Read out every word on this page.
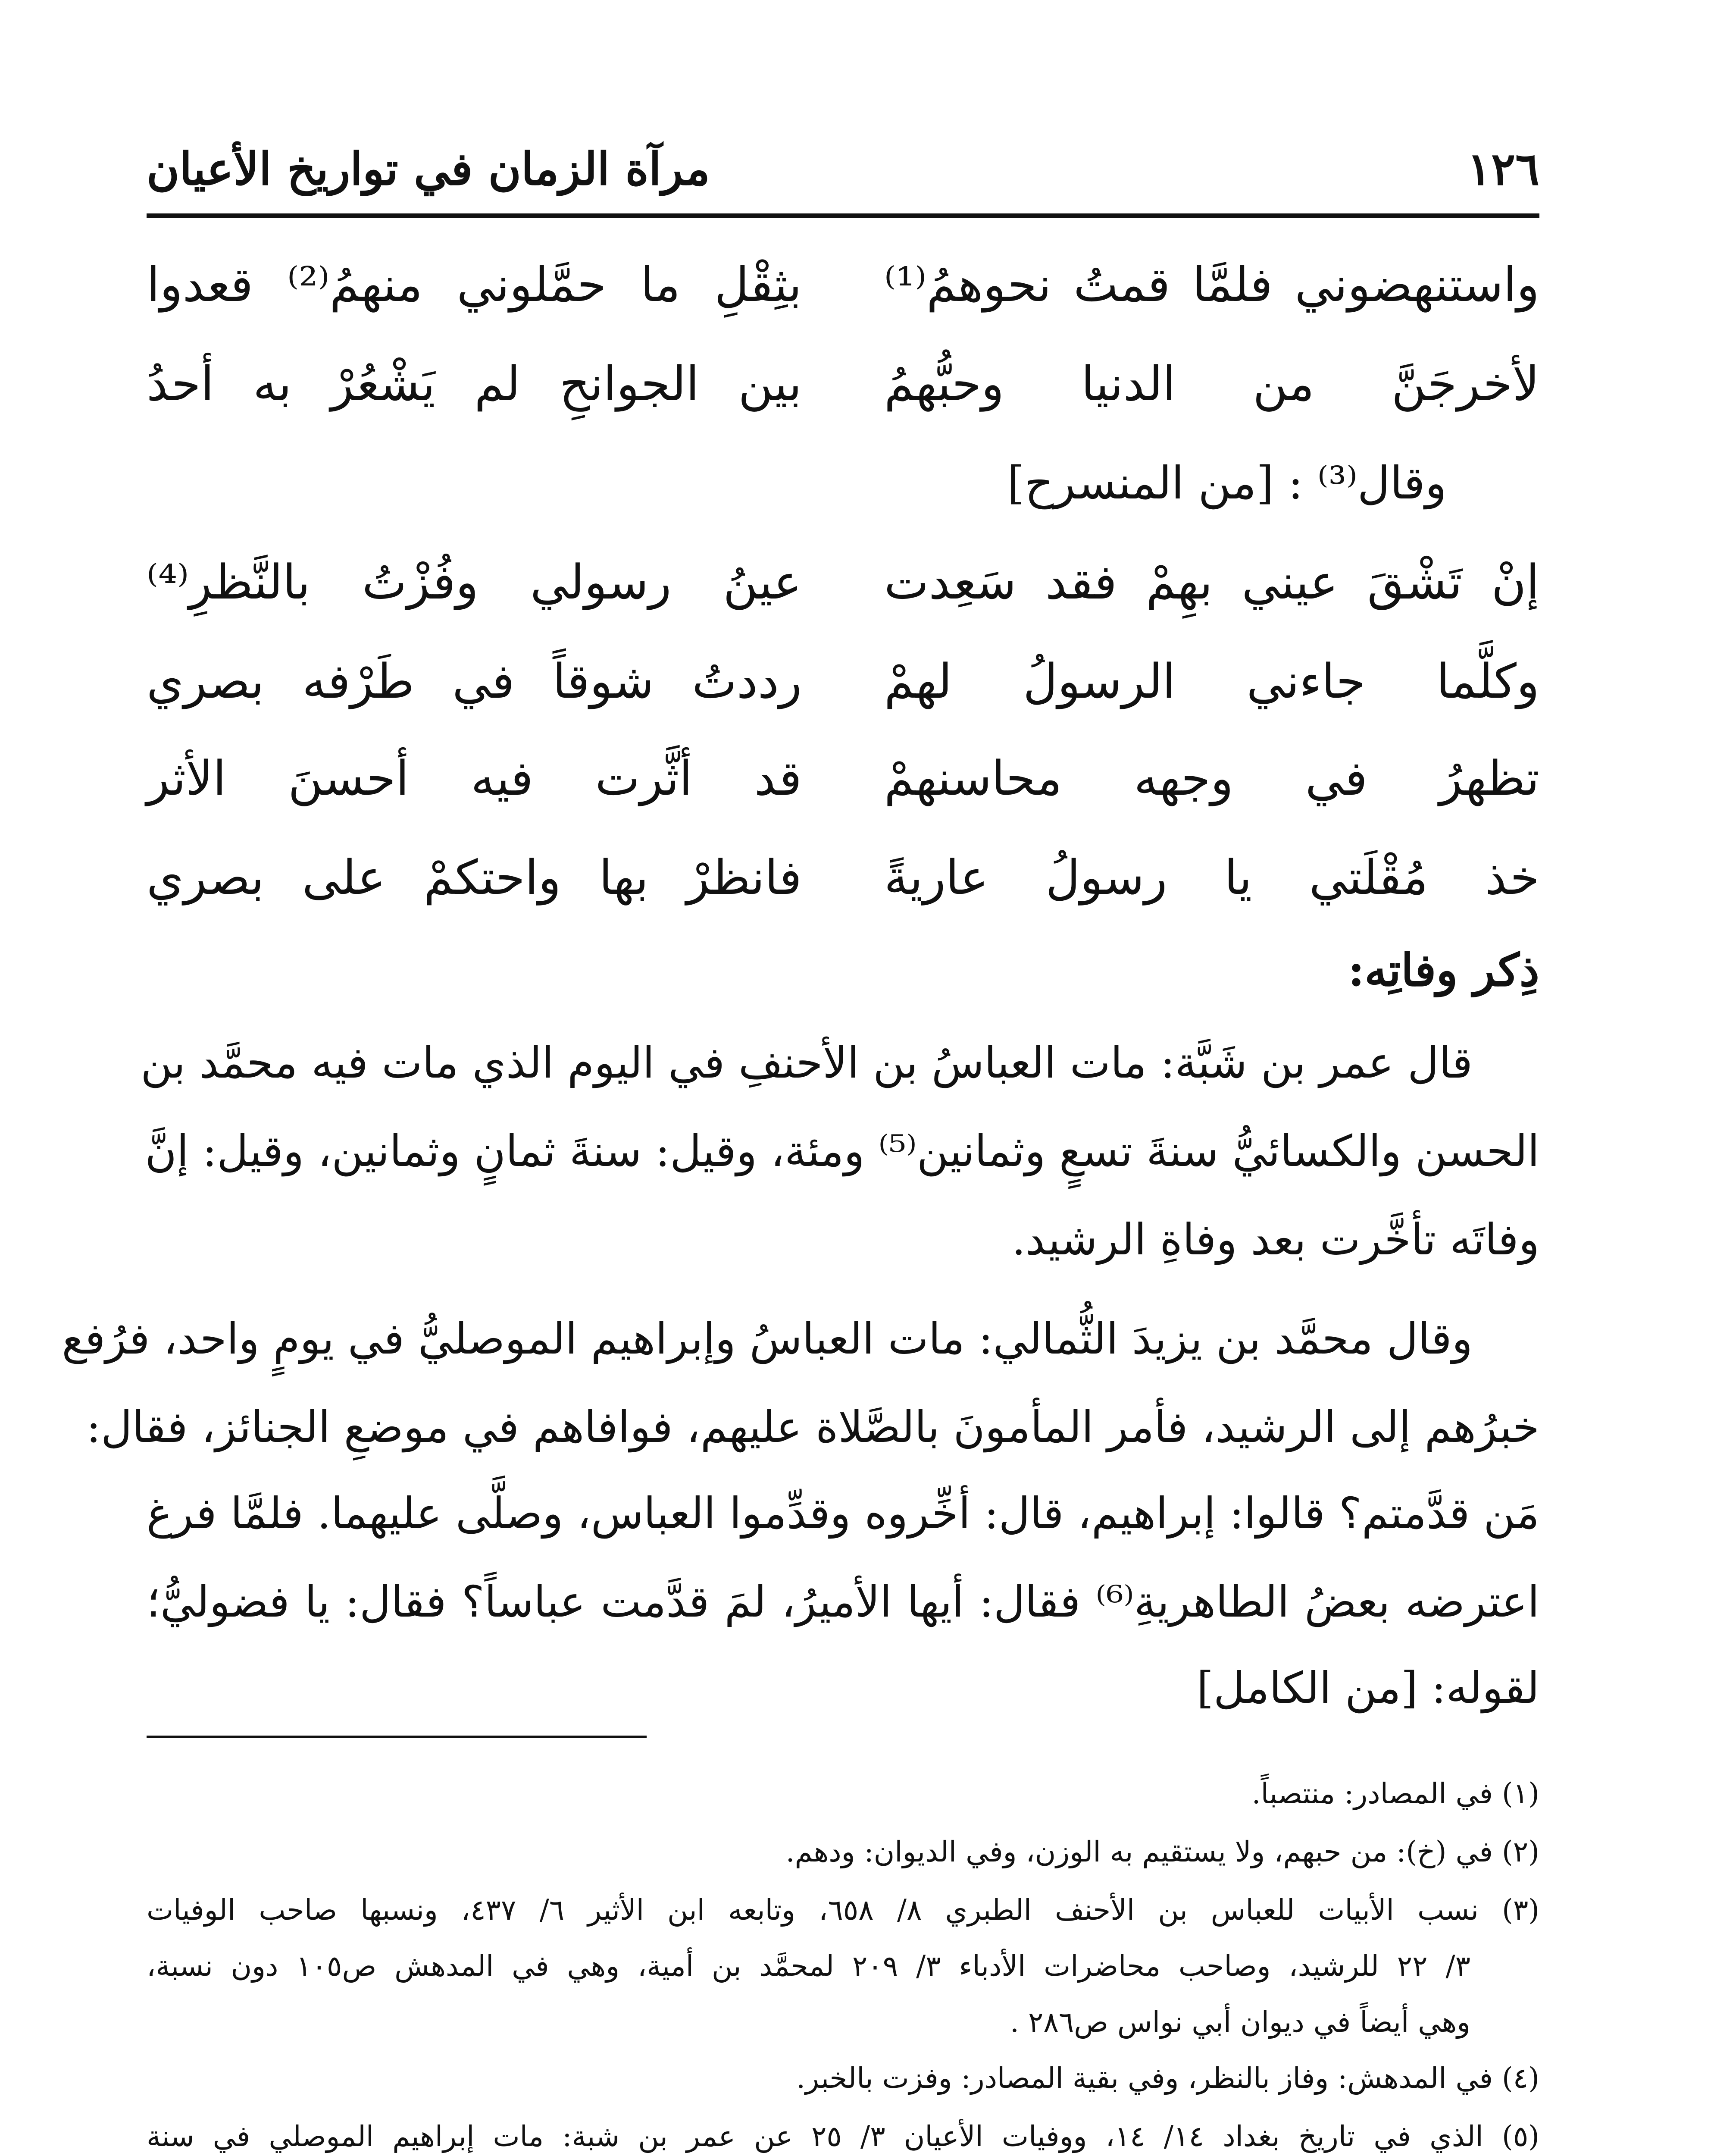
١٢٦
مرآة الزمان في تواريخ الأعيان
واستنهضوني فلمَّا قمتُ نحوهمُ⁽¹⁾
بثِقْلِ ما حمَّلوني منهمُ⁽²⁾ قعدوا
لأخرجَنَّ من الدنيا وحبُّهمُ
بين الجوانحِ لم يَشْعُرْ به أحدُ
وقال⁽³⁾ : [من المنسرح]
إنْ تَشْقَ عيني بهِمْ فقد سَعِدت
عينُ رسولي وفُزْتُ بالنَّظرِ⁽⁴⁾
وكلَّما جاءني الرسولُ لهمْ
رددتُ شوقاً في طَرْفه بصري
تظهرُ في وجهه محاسنهمْ
قد أثَّرت فيه أحسنَ الأثر
خذ مُقْلَتي يا رسولُ عاريةً
فانظرْ بها واحتكمْ على بصري
ذِكر وفاتِه:
قال عمر بن شَبَّة: مات العباسُ بن الأحنفِ في اليوم الذي مات فيه محمَّد بن
الحسن والكسائيُّ سنةَ تسعٍ وثمانين⁽⁵⁾ ومئة، وقيل: سنةَ ثمانٍ وثمانين، وقيل: إنَّ
وفاتَه تأخَّرت بعد وفاةِ الرشيد.
وقال محمَّد بن يزيدَ الثُّمالي: مات العباسُ وإبراهيم الموصليُّ في يومٍ واحد، فرُفع
خبرُهم إلى الرشيد، فأمر المأمونَ بالصَّلاة عليهم، فوافاهم في موضعِ الجنائز، فقال:
مَن قدَّمتم؟ قالوا: إبراهيم، قال: أخِّروه وقدِّموا العباس، وصلَّى عليهما. فلمَّا فرغ
اعترضه بعضُ الطاهريةِ⁽⁶⁾ فقال: أيها الأميرُ، لمَ قدَّمت عباساً؟ فقال: يا فضوليُّ؛
لقوله: [من الكامل]
(١) في المصادر: منتصباً.
(٢) في (خ): من حبهم، ولا يستقيم به الوزن، وفي الديوان: ودهم.
(٣) نسب الأبيات للعباس بن الأحنف الطبري ٨/ ٦٥٨، وتابعه ابن الأثير ٦/ ٤٣٧، ونسبها صاحب الوفيات
٣/ ٢٢ للرشيد، وصاحب محاضرات الأدباء ٣/ ٢٠٩ لمحمَّد بن أمية، وهي في المدهش ص١٠٥ دون نسبة،
وهي أيضاً في ديوان أبي نواس ص٢٨٦ .
(٤) في المدهش: وفاز بالنظر، وفي بقية المصادر: وفزت بالخبر.
(٥) الذي في تاريخ بغداد ١٤/ ١٤، ووفيات الأعيان ٣/ ٢٥ عن عمر بن شبة: مات إبراهيم الموصلي في سنة
